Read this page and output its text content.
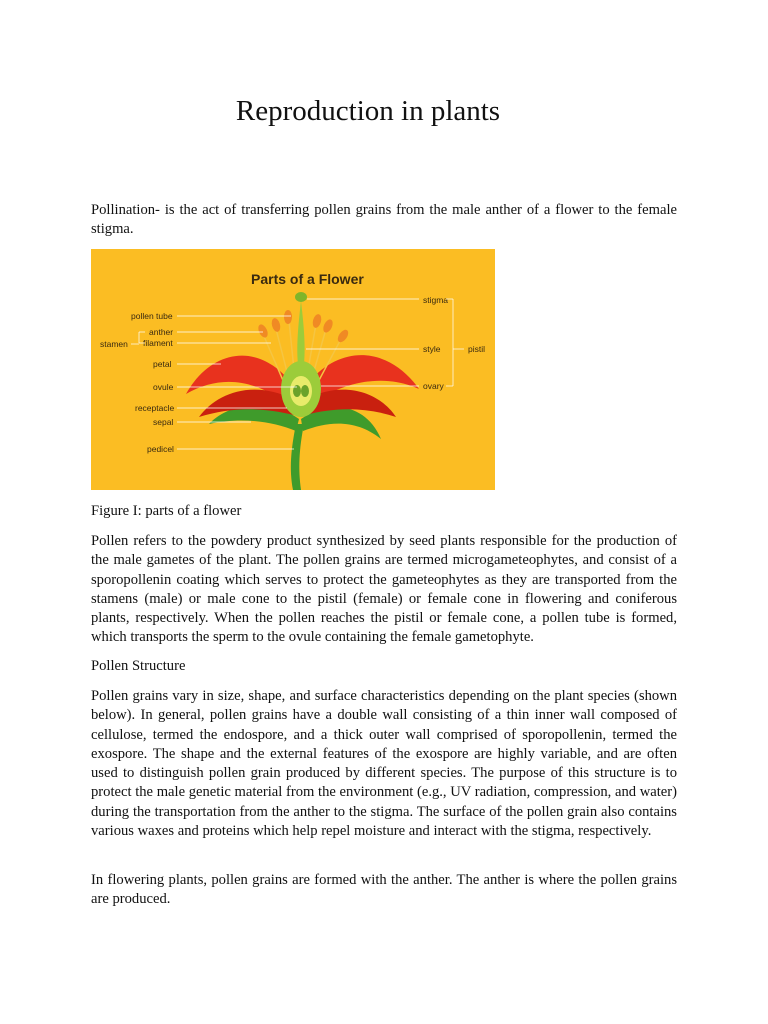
Reproduction in plants

Pollination- is the act of transferring pollen grains from the male anther of a flower to the female stigma.

Parts of a Flower
pollen tube
anther
filament
stamen
petal
ovule
receptacle
sepal
pedicel
stigma
style
ovary
pistil

Figure I: parts of a flower

Pollen refers to the powdery product synthesized by seed plants responsible for the production of the male gametes of the plant. The pollen grains are termed microgameteophytes, and consist of a sporopollenin coating which serves to protect the gameteophytes as they are transported from the stamens (male) or male cone to the pistil (female) or female cone in flowering and coniferous plants, respectively. When the pollen reaches the pistil or female cone, a pollen tube is formed, which transports the sperm to the ovule containing the female gametophyte.

Pollen Structure

Pollen grains vary in size, shape, and surface characteristics depending on the plant species (shown below). In general, pollen grains have a double wall consisting of a thin inner wall composed of cellulose, termed the endospore, and a thick outer wall comprised of sporopollenin, termed the exospore. The shape and the external features of the exospore are highly variable, and are often used to distinguish pollen grain produced by different species. The purpose of this structure is to protect the male genetic material from the environment (e.g., UV radiation, compression, and water) during the transportation from the anther to the stigma. The surface of the pollen grain also contains various waxes and proteins which help repel moisture and interact with the stigma, respectively.

In flowering plants, pollen grains are formed with the anther. The anther is where the pollen grains are produced.
